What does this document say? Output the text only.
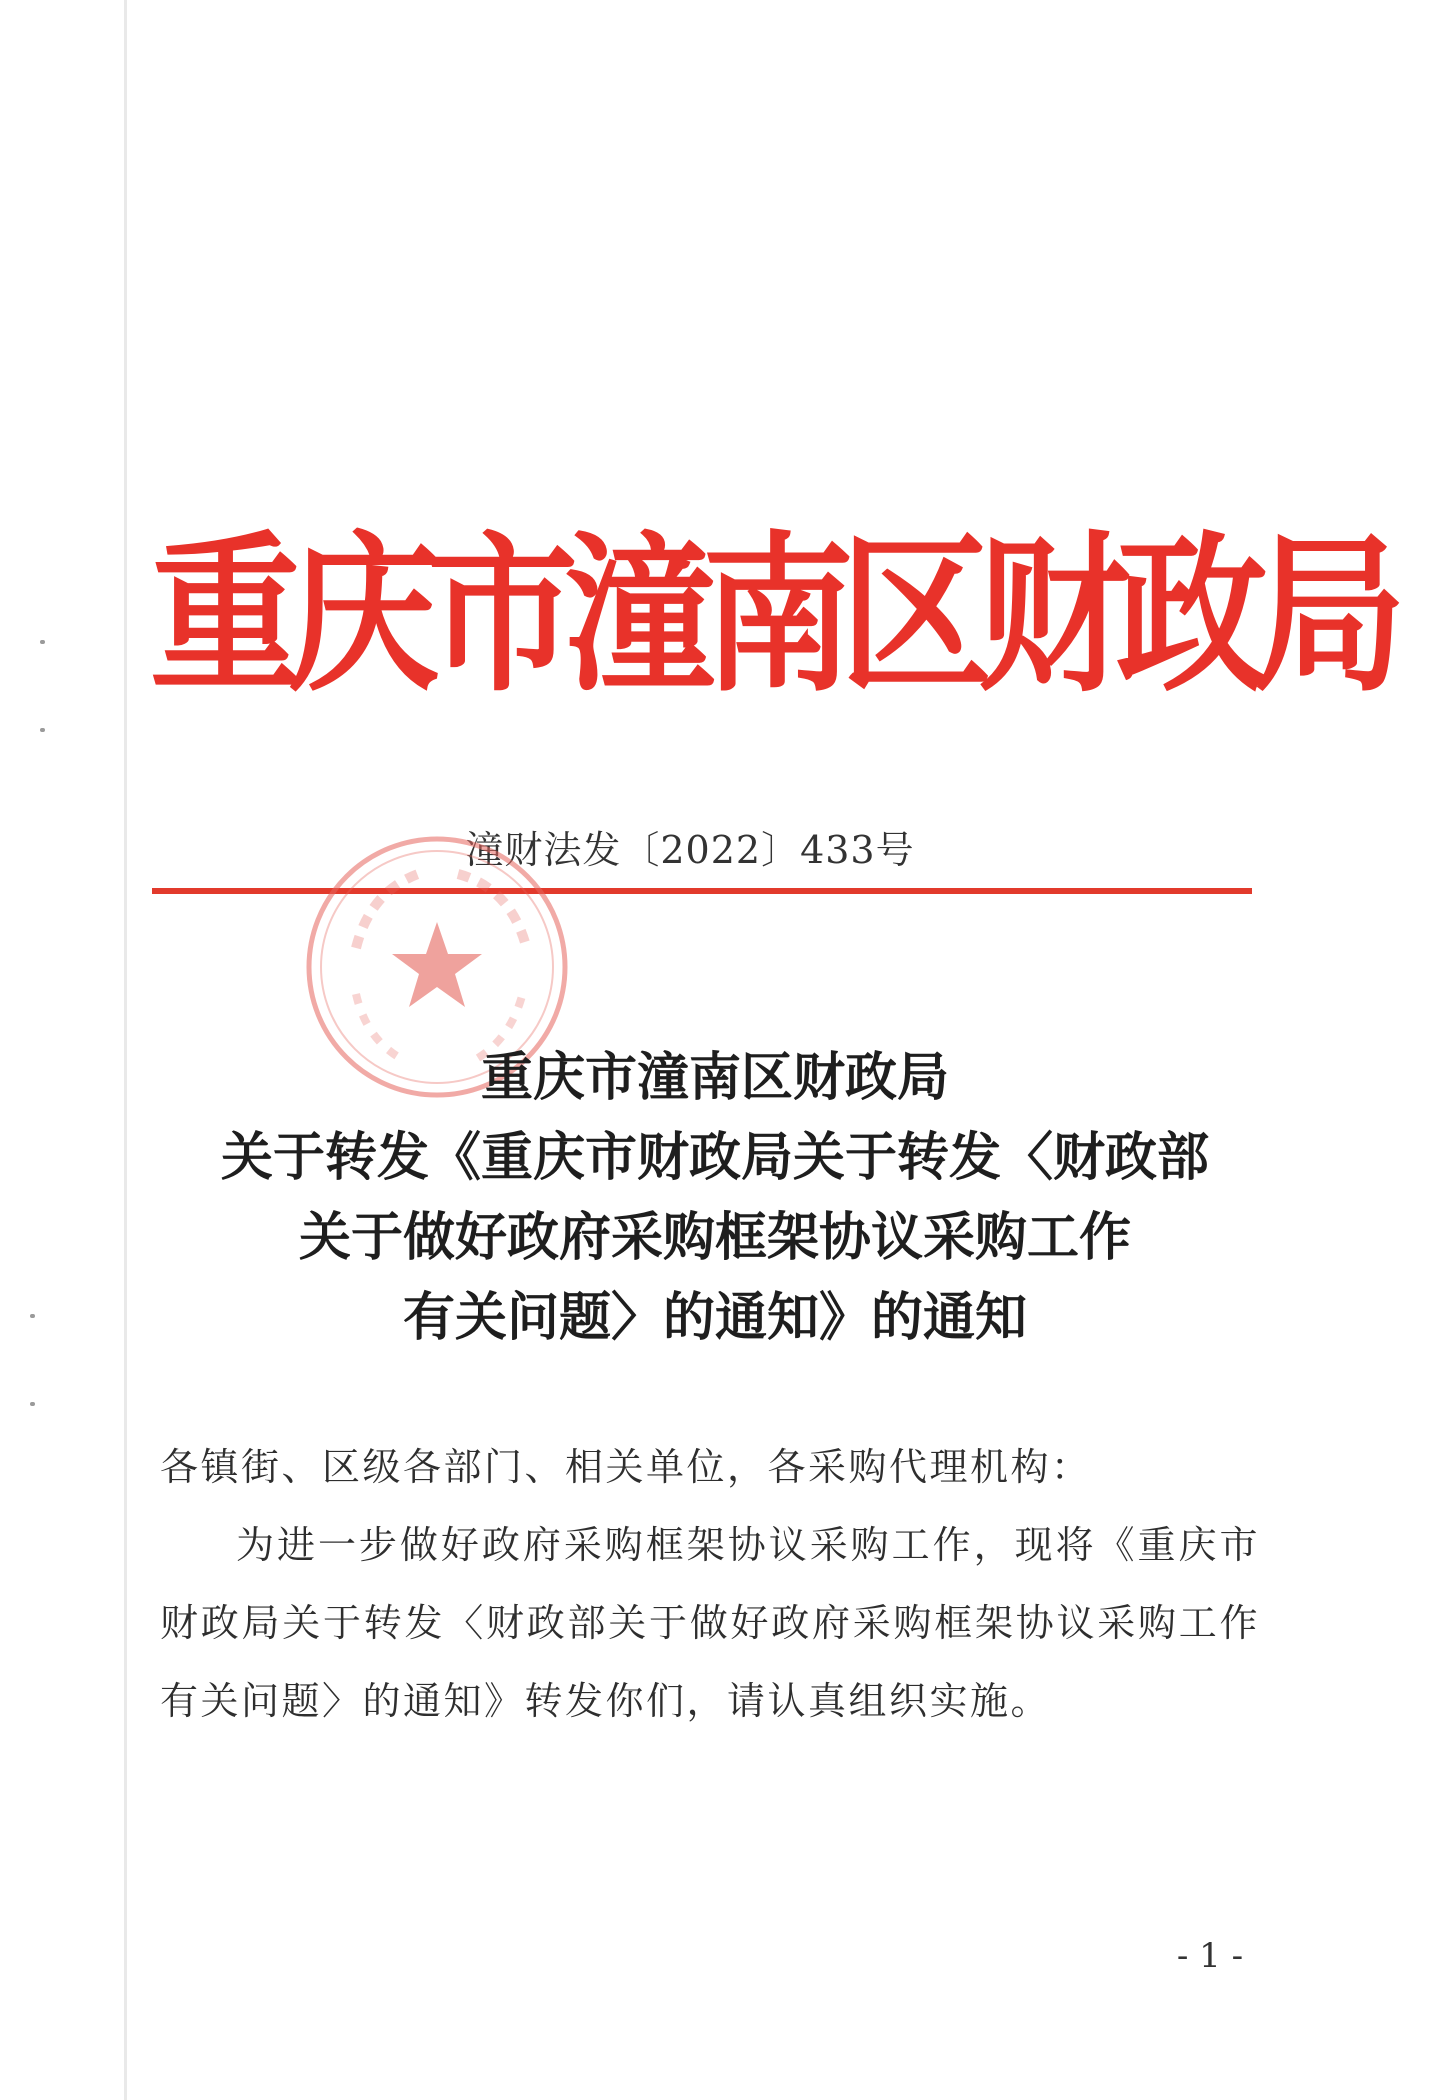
重庆市潼南区财政局
潼财法发〔2022〕433号
重庆市潼南区财政局
关于转发《重庆市财政局关于转发〈财政部
关于做好政府采购框架协议采购工作
有关问题〉的通知》的通知
各镇街、区级各部门、相关单位，各采购代理机构：
为进一步做好政府采购框架协议采购工作，现将《重庆市财政局关于转发〈财政部关于做好政府采购框架协议采购工作有关问题〉的通知》转发你们，请认真组织实施。
- 1 -
